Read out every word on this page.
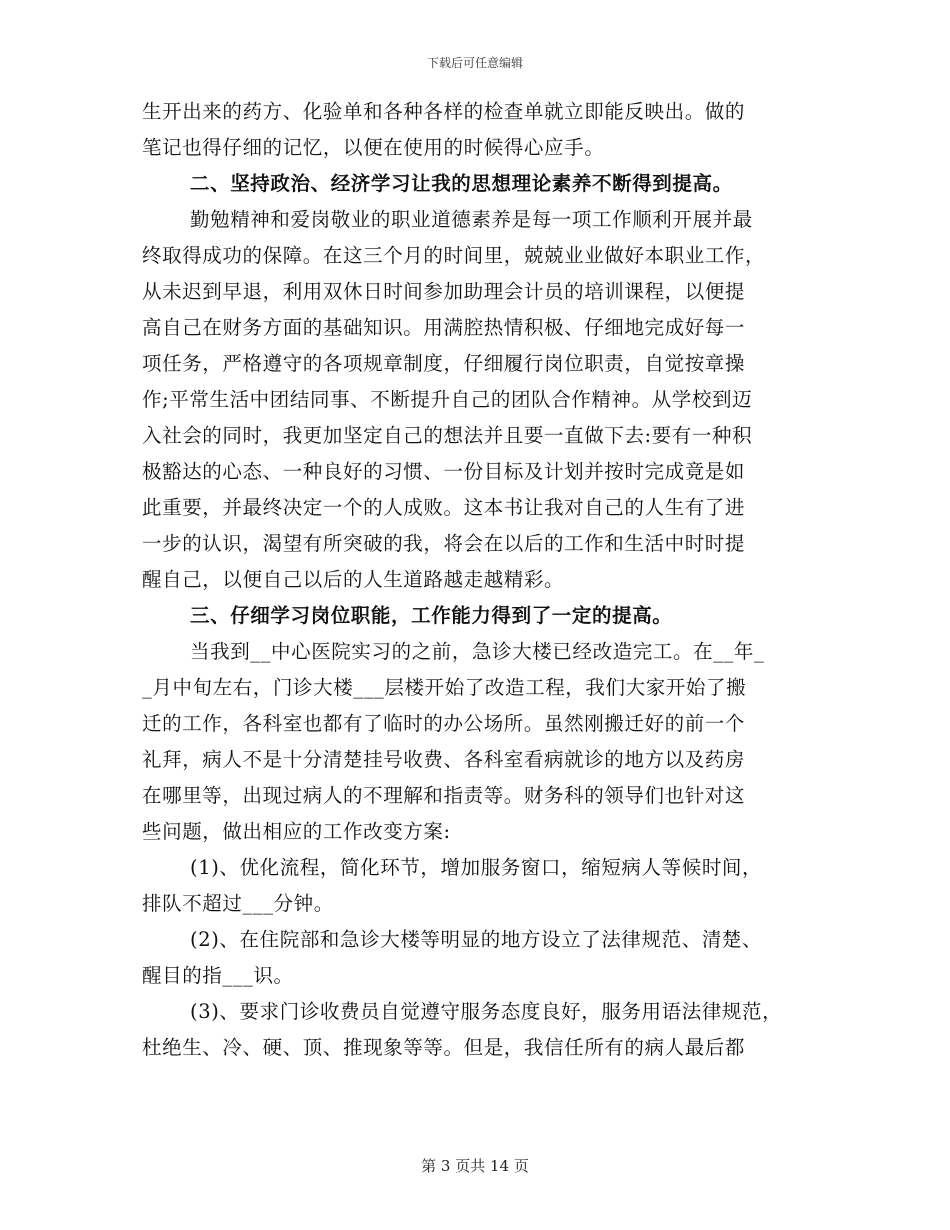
下载后可任意编辑
生开出来的药方、化验单和各种各样的检查单就立即能反映出。做的
笔记也得仔细的记忆，以便在使用的时候得心应手。
二、坚持政治、经济学习让我的思想理论素养不断得到提高。
勤勉精神和爱岗敬业的职业道德素养是每一项工作顺利开展并最
终取得成功的保障。在这三个月的时间里，兢兢业业做好本职业工作，
从未迟到早退，利用双休日时间参加助理会计员的培训课程，以便提
高自己在财务方面的基础知识。用满腔热情积极、仔细地完成好每一
项任务，严格遵守的各项规章制度，仔细履行岗位职责，自觉按章操
作;平常生活中团结同事、不断提升自己的团队合作精神。从学校到迈
入社会的同时，我更加坚定自己的想法并且要一直做下去:要有一种积
极豁达的心态、一种良好的习惯、一份目标及计划并按时完成竟是如
此重要，并最终决定一个的人成败。这本书让我对自己的人生有了进
一步的认识，渴望有所突破的我，将会在以后的工作和生活中时时提
醒自己，以便自己以后的人生道路越走越精彩。
三、仔细学习岗位职能，工作能力得到了一定的提高。
当我到__中心医院实习的之前，急诊大楼已经改造完工。在__年_
_月中旬左右，门诊大楼___层楼开始了改造工程，我们大家开始了搬
迁的工作，各科室也都有了临时的办公场所。虽然刚搬迁好的前一个
礼拜，病人不是十分清楚挂号收费、各科室看病就诊的地方以及药房
在哪里等，出现过病人的不理解和指责等。财务科的领导们也针对这
些问题，做出相应的工作改变方案:
(1)、优化流程，简化环节，增加服务窗口，缩短病人等候时间，
排队不超过___分钟。
(2)、在住院部和急诊大楼等明显的地方设立了法律规范、清楚、
醒目的指___识。
(3)、要求门诊收费员自觉遵守服务态度良好，服务用语法律规范，
杜绝生、冷、硬、顶、推现象等等。但是，我信任所有的病人最后都
第 3 页共 14 页
